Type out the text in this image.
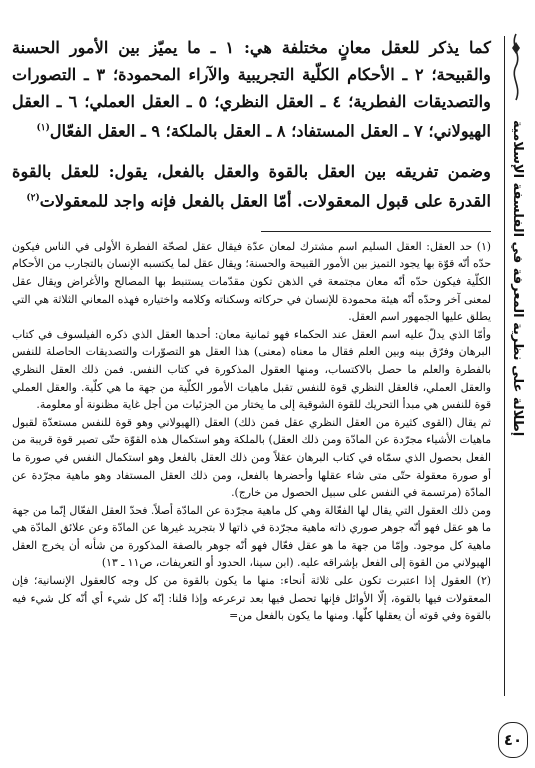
إطلالة على نظرية المعرفة في الفلسفة الإسلامية

كما يذكر للعقل معانٍ مختلفة هي: ١ ـ ما يميّز بين الأمور الحسنة والقبيحة؛ ٢ ـ الأحكام الكلّية التجريبية والآراء المحمودة؛ ٣ ـ التصورات والتصديقات الفطرية؛ ٤ ـ العقل النظري؛ ٥ ـ العقل العملي؛ ٦ ـ العقل الهيولاني؛ ٧ ـ العقل المستفاد؛ ٨ ـ العقل بالملكة؛ ٩ ـ العقل الفعّال$^{(١)}$

وضمن تفريقه بين العقل بالقوة والعقل بالفعل، يقول: للعقل بالقوة القدرة على قبول المعقولات. أمّا العقل بالفعل فإنه واجد للمعقولات$^{(٢)}$

(١) حد العقل: العقل السليم اسم مشترك لمعان عدّة فيقال عقل لصحّة الفطرة الأولى في الناس فيكون حدّه أنّه قوّة بها يجود التميز بين الأمور القبيحة والحسنة؛ ويقال عقل لما يكتسبه الإنسان بالتجارب من الأحكام الكلّية فيكون حدّه أنّه معان مجتمعة في الذهن تكون مقدّمات يستنبط بها المصالح والأغراض ويقال عقل لمعنى آخر وحدّه أنّه هيئة محمودة للإنسان في حركاته وسكناته وكلامه واختياره فهذه المعاني الثلاثة هي التي يطلق عليها الجمهور اسم العقل.

وأمّا الذي يدلّ عليه اسم العقل عند الحكماء فهو ثمانية معان: أحدها العقل الذي ذكره الفيلسوف في كتاب البرهان وفرّق بينه وبين العلم فقال ما معناه (معنى) هذا العقل هو التصوّرات والتصديقات الحاصلة للنفس بالفطرة والعلم ما حصل بالاكتساب، ومنها العقول المذكورة في كتاب النفس. فمن ذلك العقل النظري والعقل العملي، فالعقل النظري قوة للنفس تقبل ماهيات الأمور الكلّية من جهة ما هي كلّية. والعقل العملي قوة للنفس هي مبدأ التحريك للقوة الشوقية إلى ما يختار من الجزئيات من أجل غاية مظنونة أو معلومة.

ثم يقال (القوى كثيرة من العقل النظري عقل فمن ذلك) العقل (الهيولاني وهو قوة للنفس مستعدّة لقبول ماهيات الأشياء مجرّدة عن المادّة ومن ذلك العقل) بالملكة وهو استكمال هذه القوّة حتّى تصير قوة قريبة من الفعل بحصول الذي سمّاه في كتاب البرهان عقلاً ومن ذلك العقل بالفعل وهو استكمال النفس في صورة ما أو صورة معقولة حتّى متى شاء عقلها وأحضرها بالفعل، ومن ذلك العقل المستفاد وهو ماهية مجرّدة عن المادّة (مرتسمة في النفس على سبيل الحصول من خارج).

ومن ذلك العقول التي يقال لها الفعّالة وهي كل ماهية مجرّدة عن المادّة أصلاً. فحدّ العقل الفعّال إنّما من جهة ما هو عقل فهو أنّه جوهر صوري ذاته ماهية مجرّدة في ذاتها لا بتجريد غيرها عن المادّة وعن علائق المادّة هي ماهية كل موجود. وإمّا من جهة ما هو عقل فعّال فهو أنّه جوهر بالصفة المذكورة من شأنه أن يخرج العقل الهيولاني من القوة إلى الفعل بإشراقه عليه. (ابن سينا، الحدود أو التعريفات، ص١١ ـ ١٣)

(٢) العقول إذا اعتبرت تكون على ثلاثة أنحاء: منها ما يكون بالقوة من كل وجه كالعقول الإنسانية؛ فإن المعقولات فيها بالقوة، إلّا الأوائل فإنها تحصل فيها بعد ترعرعه وإذا قلنا: إنّه كل شيء أي أنّه كل شيء فيه بالقوة وفي قوته أن يعقلها كلّها. ومنها ما يكون بالفعل من=

٤٠
